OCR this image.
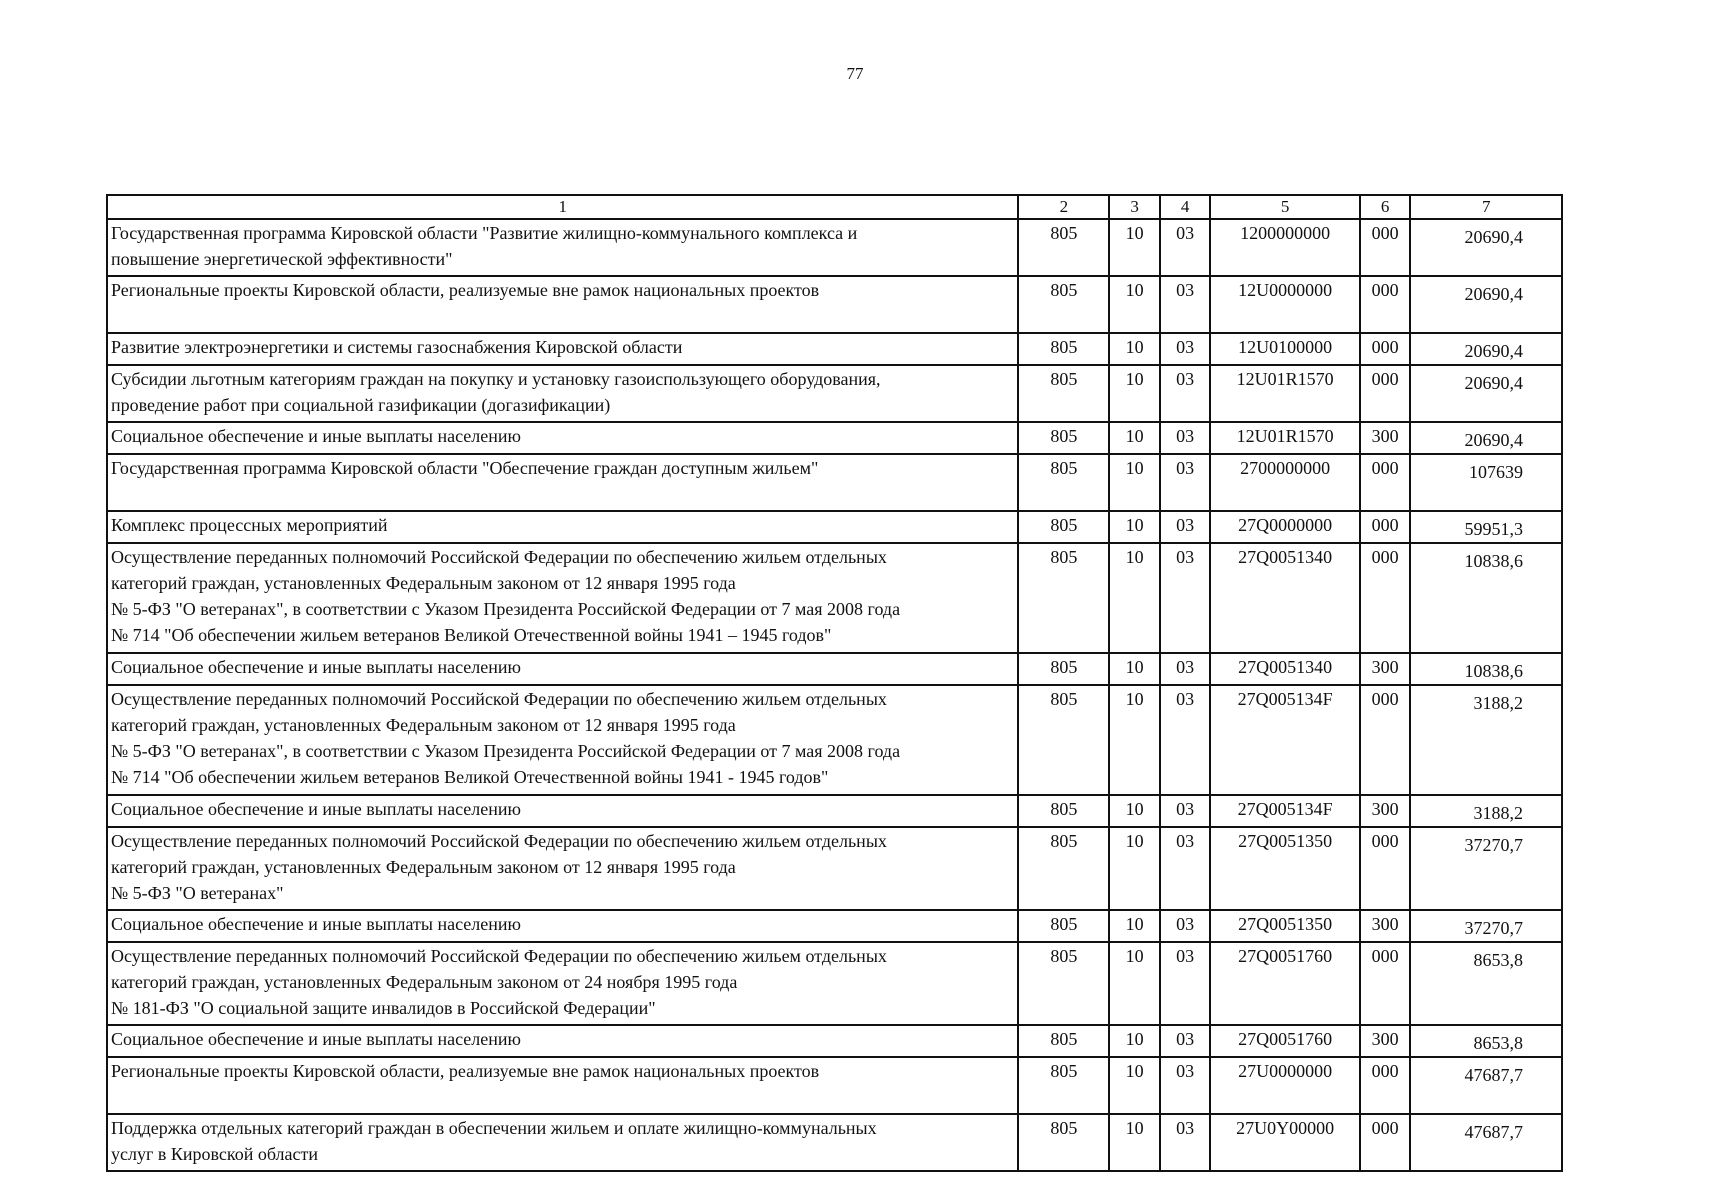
77
1	2	3	4	5	6	7
Государственная программа Кировской области "Развитие жилищно-коммунального комплекса и
повышение энергетической эффективности"	805	10	03	1200000000	000	20690,4
Региональные проекты Кировской области, реализуемые вне рамок национальных проектов	805	10	03	12U0000000	000	20690,4
Развитие электроэнергетики и системы газоснабжения Кировской области	805	10	03	12U0100000	000	20690,4
Субсидии льготным категориям граждан на покупку и установку газоиспользующего оборудования,
проведение работ при социальной газификации (догазификации)	805	10	03	12U01R1570	000	20690,4
Социальное обеспечение и иные выплаты населению	805	10	03	12U01R1570	300	20690,4
Государственная программа Кировской области "Обеспечение граждан доступным жильем"	805	10	03	2700000000	000	107639
Комплекс процессных мероприятий	805	10	03	27Q0000000	000	59951,3
Осуществление переданных полномочий Российской Федерации по обеспечению жильем отдельных
категорий граждан, установленных Федеральным законом от 12 января 1995 года
№ 5-ФЗ "О ветеранах", в соответствии с Указом Президента Российской Федерации от 7 мая 2008 года
№ 714 "Об обеспечении жильем ветеранов Великой Отечественной войны 1941 – 1945 годов"	805	10	03	27Q0051340	000	10838,6
Социальное обеспечение и иные выплаты населению	805	10	03	27Q0051340	300	10838,6
Осуществление переданных полномочий Российской Федерации по обеспечению жильем отдельных
категорий граждан, установленных Федеральным законом от 12 января 1995 года
№ 5-ФЗ "О ветеранах", в соответствии с Указом Президента Российской Федерации от 7 мая 2008 года
№ 714 "Об обеспечении жильем ветеранов Великой Отечественной войны 1941 - 1945 годов"	805	10	03	27Q005134F	000	3188,2
Социальное обеспечение и иные выплаты населению	805	10	03	27Q005134F	300	3188,2
Осуществление переданных полномочий Российской Федерации по обеспечению жильем отдельных
категорий граждан, установленных Федеральным законом от 12 января 1995 года
№ 5-ФЗ "О ветеранах"	805	10	03	27Q0051350	000	37270,7
Социальное обеспечение и иные выплаты населению	805	10	03	27Q0051350	300	37270,7
Осуществление переданных полномочий Российской Федерации по обеспечению жильем отдельных
категорий граждан, установленных Федеральным законом от 24 ноября 1995 года
№ 181-ФЗ "О социальной защите инвалидов в Российской Федерации"	805	10	03	27Q0051760	000	8653,8
Социальное обеспечение и иные выплаты населению	805	10	03	27Q0051760	300	8653,8
Региональные проекты Кировской области, реализуемые вне рамок национальных проектов	805	10	03	27U0000000	000	47687,7
Поддержка отдельных категорий граждан в обеспечении жильем и оплате жилищно-коммунальных
услуг в Кировской области	805	10	03	27U0Y00000	000	47687,7
